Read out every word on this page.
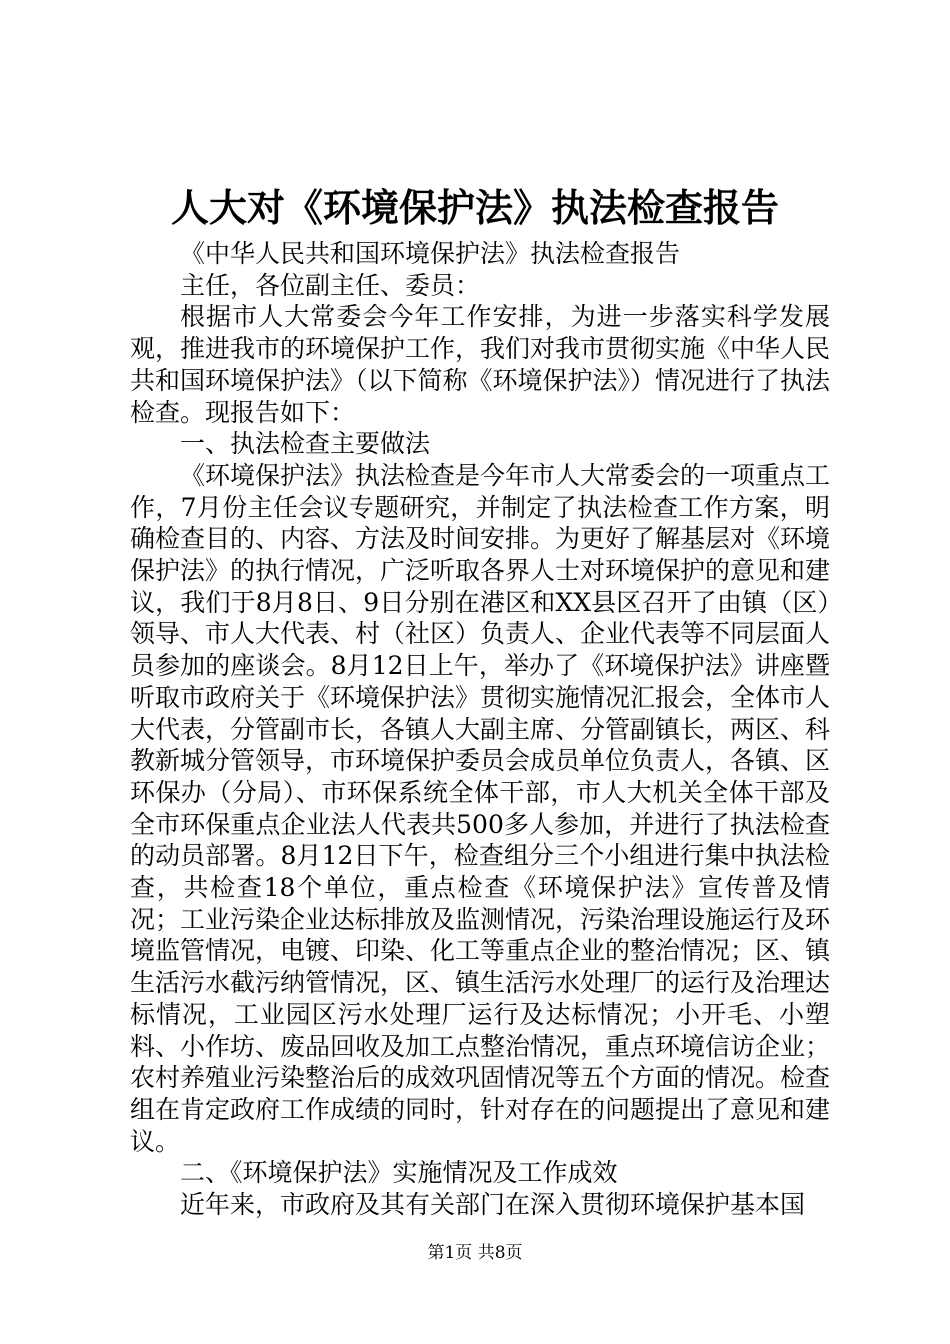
人大对《环境保护法》执法检查报告

《中华人民共和国环境保护法》执法检查报告

主任，各位副主任、委员：

根据市人大常委会今年工作安排，为进一步落实科学发展观，推进我市的环境保护工作，我们对我市贯彻实施《中华人民共和国环境保护法》（以下简称《环境保护法》）情况进行了执法检查。现报告如下：

一、执法检查主要做法

《环境保护法》执法检查是今年市人大常委会的一项重点工作，7月份主任会议专题研究，并制定了执法检查工作方案，明确检查目的、内容、方法及时间安排。为更好了解基层对《环境保护法》的执行情况，广泛听取各界人士对环境保护的意见和建议，我们于8月8日、9日分别在港区和XX县区召开了由镇（区）领导、市人大代表、村（社区）负责人、企业代表等不同层面人员参加的座谈会。8月12日上午，举办了《环境保护法》讲座暨听取市政府关于《环境保护法》贯彻实施情况汇报会，全体市人大代表，分管副市长，各镇人大副主席、分管副镇长，两区、科教新城分管领导，市环境保护委员会成员单位负责人，各镇、区环保办（分局）、市环保系统全体干部，市人大机关全体干部及全市环保重点企业法人代表共500多人参加，并进行了执法检查的动员部署。8月12日下午，检查组分三个小组进行集中执法检查，共检查18个单位，重点检查《环境保护法》宣传普及情况；工业污染企业达标排放及监测情况，污染治理设施运行及环境监管情况，电镀、印染、化工等重点企业的整治情况；区、镇生活污水截污纳管情况，区、镇生活污水处理厂的运行及治理达标情况，工业园区污水处理厂运行及达标情况；小开毛、小塑料、小作坊、废品回收及加工点整治情况，重点环境信访企业；农村养殖业污染整治后的成效巩固情况等五个方面的情况。检查组在肯定政府工作成绩的同时，针对存在的问题提出了意见和建议。

二、《环境保护法》实施情况及工作成效

近年来，市政府及其有关部门在深入贯彻环境保护基本国

第1页 共8页
